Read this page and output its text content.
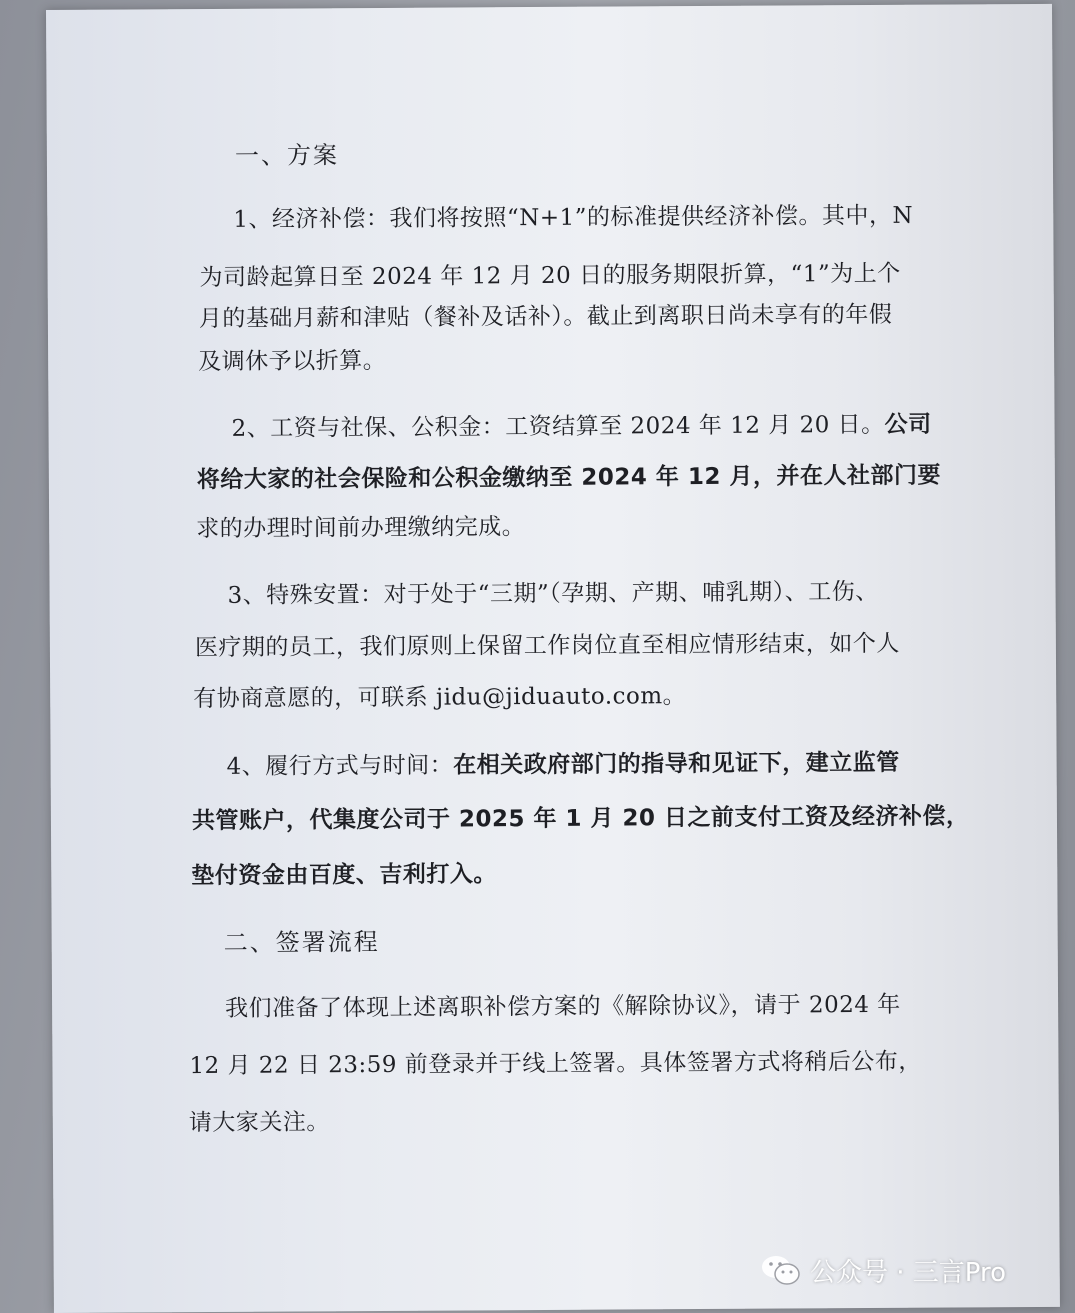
一、方案
1、经济补偿：我们将按照“N+1”的标准提供经济补偿。其中，N
为司龄起算日至 2024 年 12 月 20 日的服务期限折算，“1”为上个
月的基础月薪和津贴（餐补及话补）。截止到离职日尚未享有的年假
及调休予以折算。
2、工资与社保、公积金：工资结算至 2024 年 12 月 20 日。公司
将给大家的社会保险和公积金缴纳至 2024 年 12 月，并在人社部门要
求的办理时间前办理缴纳完成。
3、特殊安置：对于处于“三期”（孕期、产期、哺乳期）、工伤、
医疗期的员工，我们原则上保留工作岗位直至相应情形结束，如个人
有协商意愿的，可联系 jidu@jiduauto.com。
4、履行方式与时间：在相关政府部门的指导和见证下，建立监管
共管账户，代集度公司于 2025 年 1 月 20 日之前支付工资及经济补偿，
垫付资金由百度、吉利打入。
二、签署流程
我们准备了体现上述离职补偿方案的《解除协议》，请于 2024 年
12 月 22 日 23:59 前登录并于线上签署。具体签署方式将稍后公布，
请大家关注。
公众号 · 三言Pro
